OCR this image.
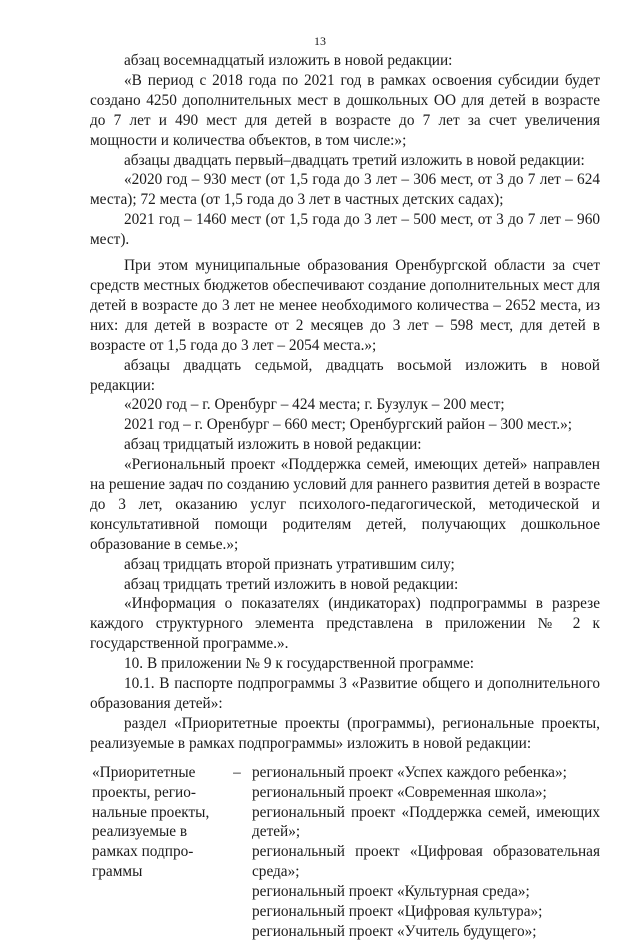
13

абзац восемнадцатый изложить в новой редакции:

«В период с 2018 года по 2021 год в рамках освоения субсидии будет создано 4250 дополнительных мест в дошкольных ОО для детей в возрасте до 7 лет и 490 мест для детей в возрасте до 7 лет за счет увеличения мощности и количества объектов, в том числе:»;

абзацы двадцать первый–двадцать третий изложить в новой редакции:

«2020 год – 930 мест (от 1,5 года до 3 лет – 306 мест, от 3 до 7 лет – 624 места); 72 места (от 1,5 года до 3 лет в частных детских садах);

2021 год – 1460 мест (от 1,5 года до 3 лет – 500 мест, от 3 до 7 лет – 960 мест).

При этом муниципальные образования Оренбургской области за счет средств местных бюджетов обеспечивают создание дополнительных мест для детей в возрасте до 3 лет не менее необходимого количества – 2652 места, из них: для детей в возрасте от 2 месяцев до 3 лет – 598 мест, для детей в возрасте от 1,5 года до 3 лет – 2054 места.»;

абзацы двадцать седьмой, двадцать восьмой изложить в новой редакции:

«2020 год – г. Оренбург – 424 места; г. Бузулук – 200 мест;

2021 год – г. Оренбург – 660 мест; Оренбургский район – 300 мест.»;

абзац тридцатый изложить в новой редакции:

«Региональный проект «Поддержка семей, имеющих детей» направлен на решение задач по созданию условий для раннего развития детей в возрасте до 3 лет, оказанию услуг психолого-педагогической, методической и консультативной помощи родителям детей, получающих дошкольное образование в семье.»;

абзац тридцать второй признать утратившим силу;

абзац тридцать третий изложить в новой редакции:

«Информация о показателях (индикаторах) подпрограммы в разрезе каждого структурного элемента представлена в приложении № 2 к государственной программе.».

10. В приложении № 9 к государственной программе:

10.1. В паспорте подпрограммы 3 «Развитие общего и дополнительного образования детей»:

раздел «Приоритетные проекты (программы), региональные проекты, реализуемые в рамках подпрограммы» изложить в новой редакции:

«Приоритетные
проекты, регио-
нальные проекты,
реализуемые в
рамках подпро-
граммы
– региональный проект «Успех каждого ребенка»;

региональный проект «Современная школа»;

региональный проект «Поддержка семей, имеющих детей»;

региональный проект «Цифровая образовательная среда»;

региональный проект «Культурная среда»;

региональный проект «Цифровая культура»;

региональный проект «Учитель будущего»;
